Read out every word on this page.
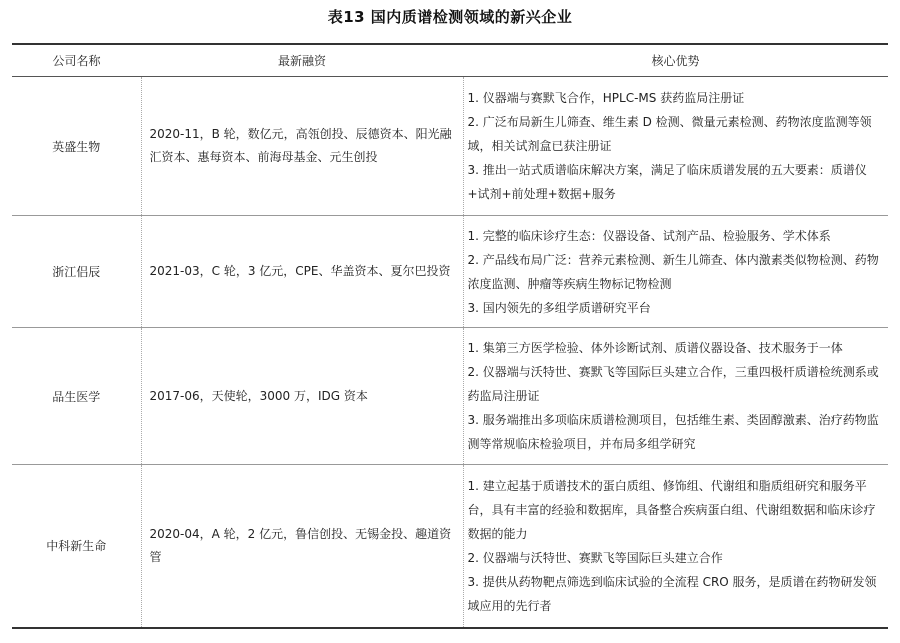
表13 国内质谱检测领域的新兴企业
公司名称	最新融资	核心优势
英盛生物	2020-11，B 轮，数亿元，高瓴创投、辰德资本、阳光融汇资本、惠每资本、前海母基金、元生创投	1. 仪器端与赛默飞合作，HPLC-MS 获药监局注册证
2. 广泛布局新生儿筛查、维生素 D 检测、微量元素检测、药物浓度监测等领域，相关试剂盒已获注册证
3. 推出一站式质谱临床解决方案，满足了临床质谱发展的五大要素：质谱仪+试剂+前处理+数据+服务

浙江侣辰	2021-03，C 轮，3 亿元，CPE、华盖资本、夏尔巴投资	1. 完整的临床诊疗生态：仪器设备、试剂产品、检验服务、学术体系
2. 产品线布局广泛：营养元素检测、新生儿筛查、体内激素类似物检测、药物浓度监测、肿瘤等疾病生物标记物检测
3. 国内领先的多组学质谱研究平台

品生医学	2017-06，天使轮，3000 万，IDG 资本	1. 集第三方医学检验、体外诊断试剂、质谱仪器设备、技术服务于一体
2. 仪器端与沃特世、赛默飞等国际巨头建立合作，三重四极杆质谱检统测系或药监局注册证
3. 服务端推出多项临床质谱检测项目，包括维生素、类固醇激素、治疗药物监测等常规临床检验项目，并布局多组学研究

中科新生命	2020-04，A 轮，2 亿元，鲁信创投、无锡金投、趣道资管	1. 建立起基于质谱技术的蛋白质组、修饰组、代谢组和脂质组研究和服务平台，具有丰富的经验和数据库，具备整合疾病蛋白组、代谢组数据和临床诊疗数据的能力
2. 仪器端与沃特世、赛默飞等国际巨头建立合作
3. 提供从药物靶点筛选到临床试验的全流程 CRO 服务，是质谱在药物研发领域应用的先行者
